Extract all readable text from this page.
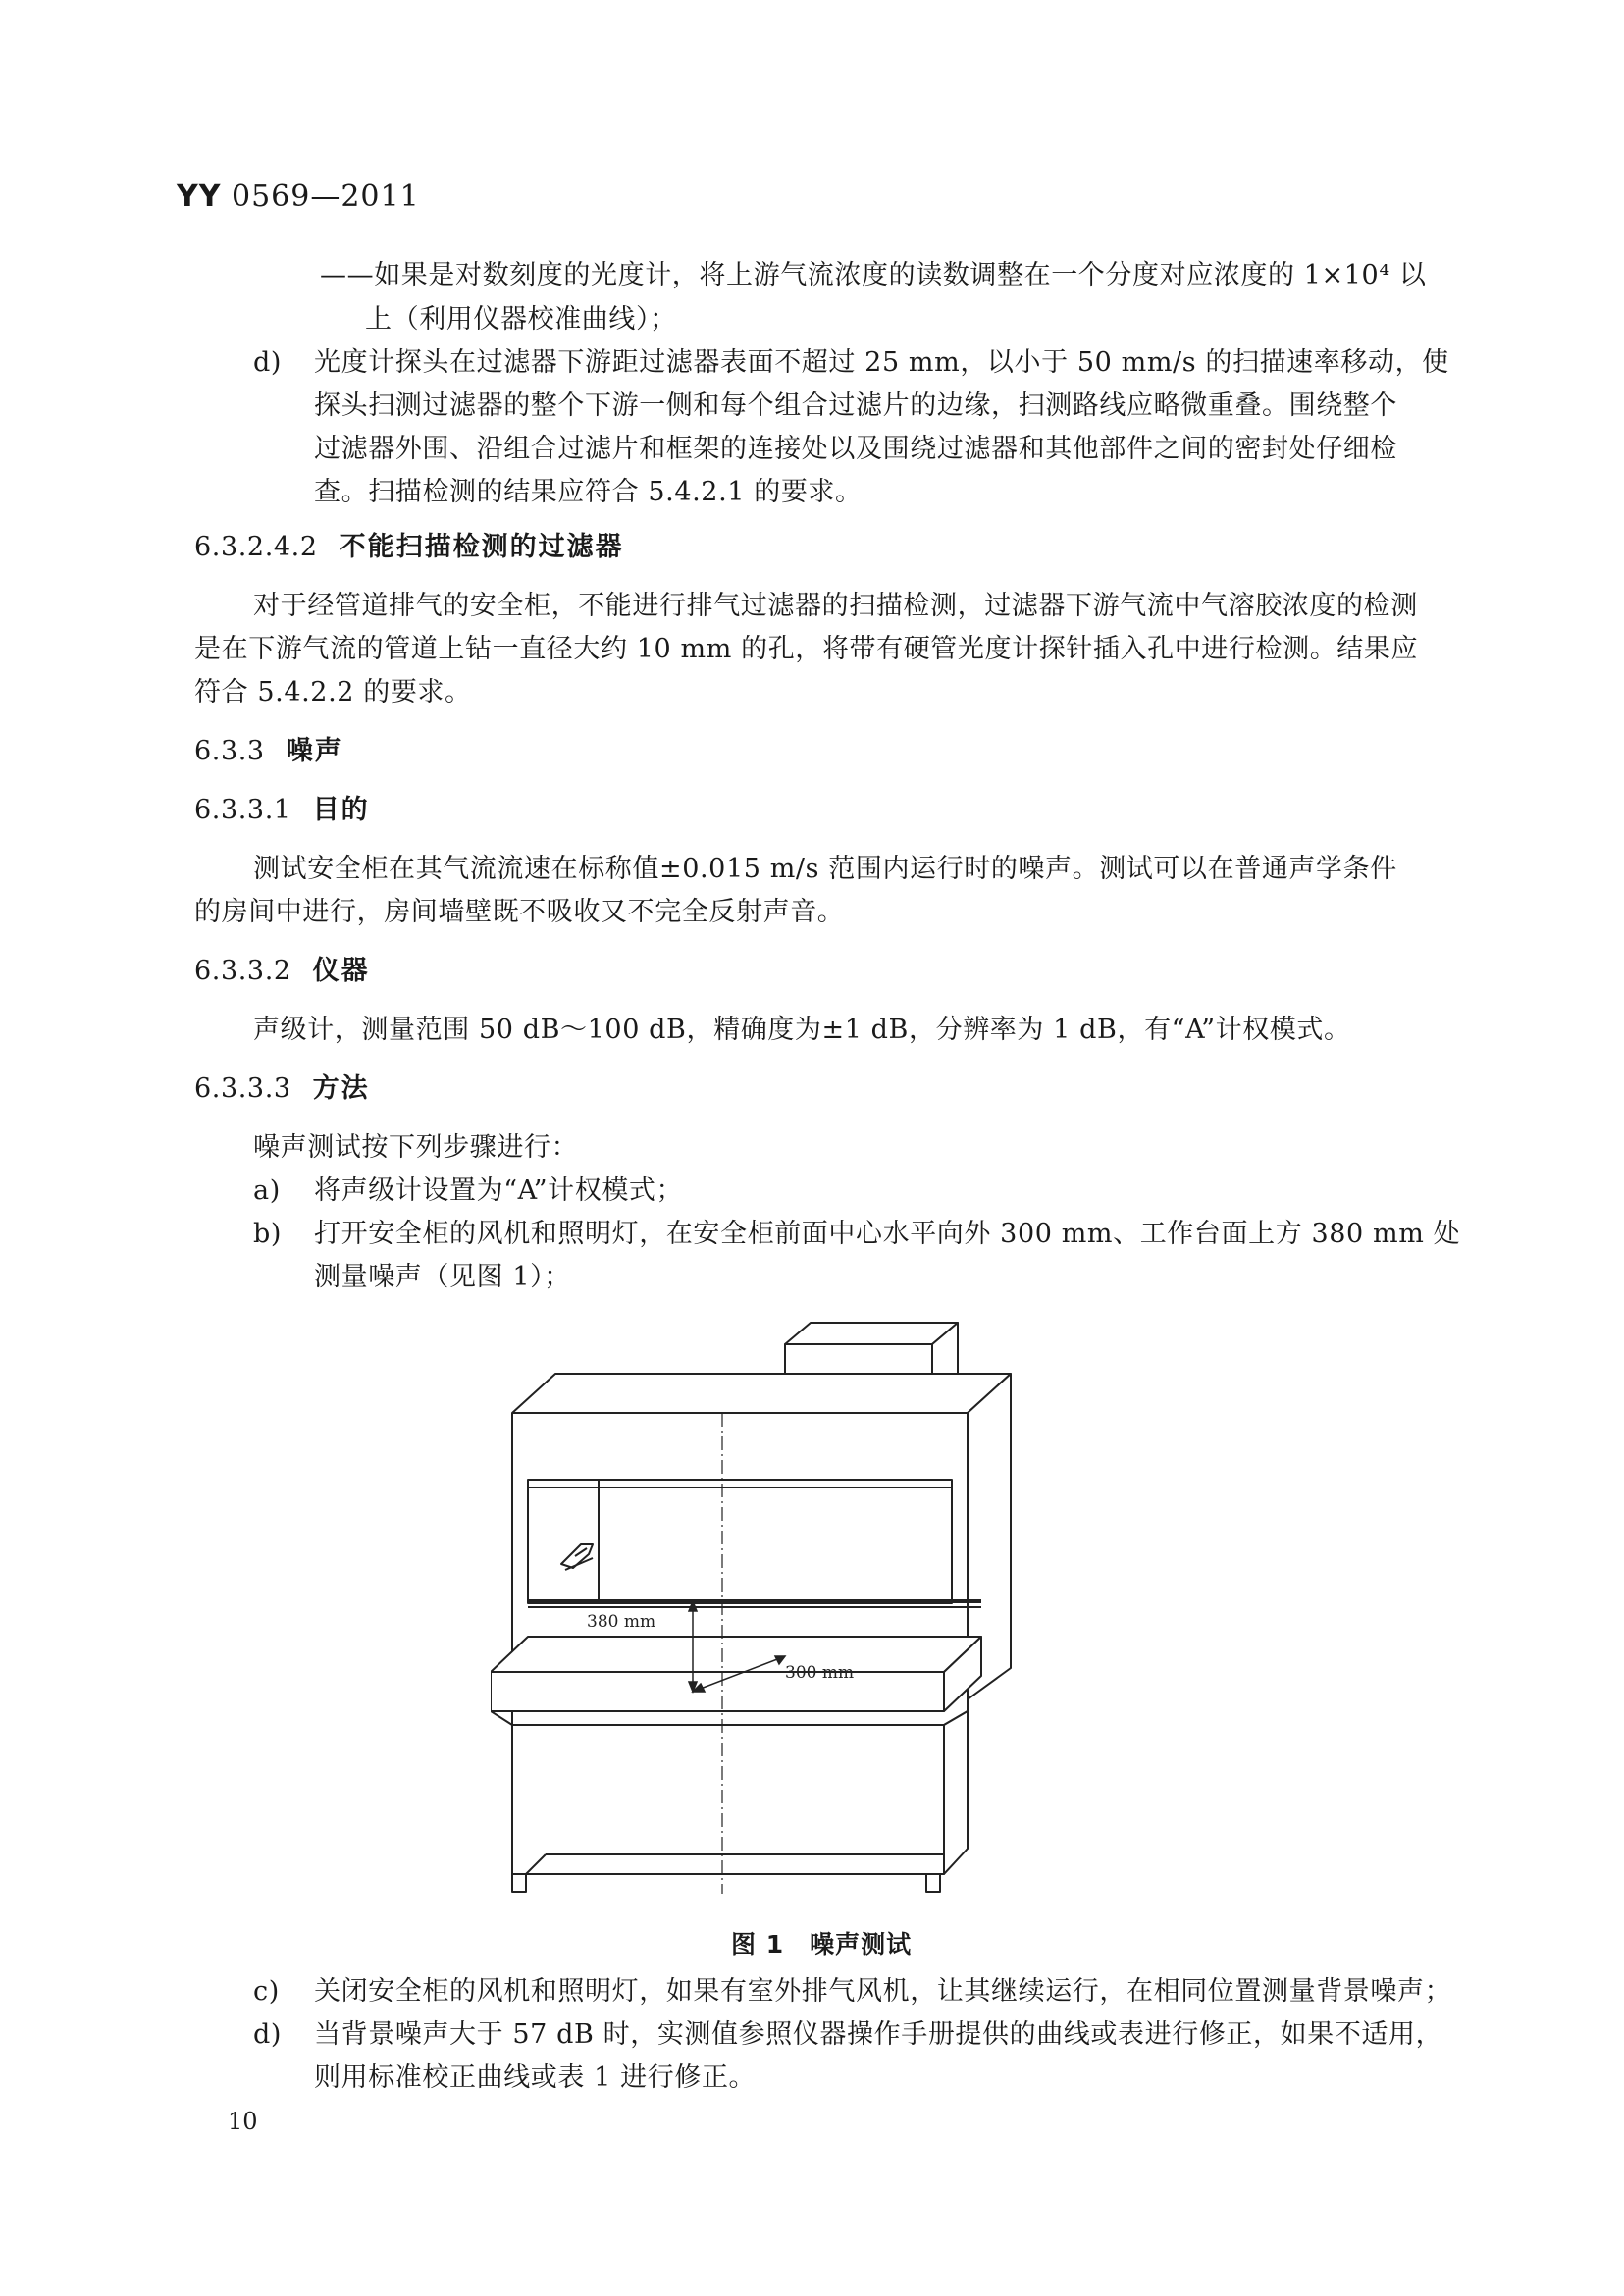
YY 0569—2011
——如果是对数刻度的光度计，将上游气流浓度的读数调整在一个分度对应浓度的 1×10⁴ 以
上（利用仪器校准曲线）；
d) 光度计探头在过滤器下游距过滤器表面不超过 25 mm，以小于 50 mm/s 的扫描速率移动，使
探头扫测过滤器的整个下游一侧和每个组合过滤片的边缘，扫测路线应略微重叠。围绕整个
过滤器外围、沿组合过滤片和框架的连接处以及围绕过滤器和其他部件之间的密封处仔细检
查。扫描检测的结果应符合 5.4.2.1 的要求。
6.3.2.4.2 不能扫描检测的过滤器
对于经管道排气的安全柜，不能进行排气过滤器的扫描检测，过滤器下游气流中气溶胶浓度的检测
是在下游气流的管道上钻一直径大约 10 mm 的孔，将带有硬管光度计探针插入孔中进行检测。结果应
符合 5.4.2.2 的要求。
6.3.3 噪声
6.3.3.1 目的
测试安全柜在其气流流速在标称值±0.015 m/s 范围内运行时的噪声。测试可以在普通声学条件
的房间中进行，房间墙壁既不吸收又不完全反射声音。
6.3.3.2 仪器
声级计，测量范围 50 dB～100 dB，精确度为±1 dB，分辨率为 1 dB，有“A”计权模式。
6.3.3.3 方法
噪声测试按下列步骤进行：
a) 将声级计设置为“A”计权模式；
b) 打开安全柜的风机和照明灯，在安全柜前面中心水平向外 300 mm、工作台面上方 380 mm 处
测量噪声（见图 1）；
380 mm
300 mm
图 1　噪声测试
c) 关闭安全柜的风机和照明灯，如果有室外排气风机，让其继续运行，在相同位置测量背景噪声；
d) 当背景噪声大于 57 dB 时，实测值参照仪器操作手册提供的曲线或表进行修正，如果不适用，
则用标准校正曲线或表 1 进行修正。
10
